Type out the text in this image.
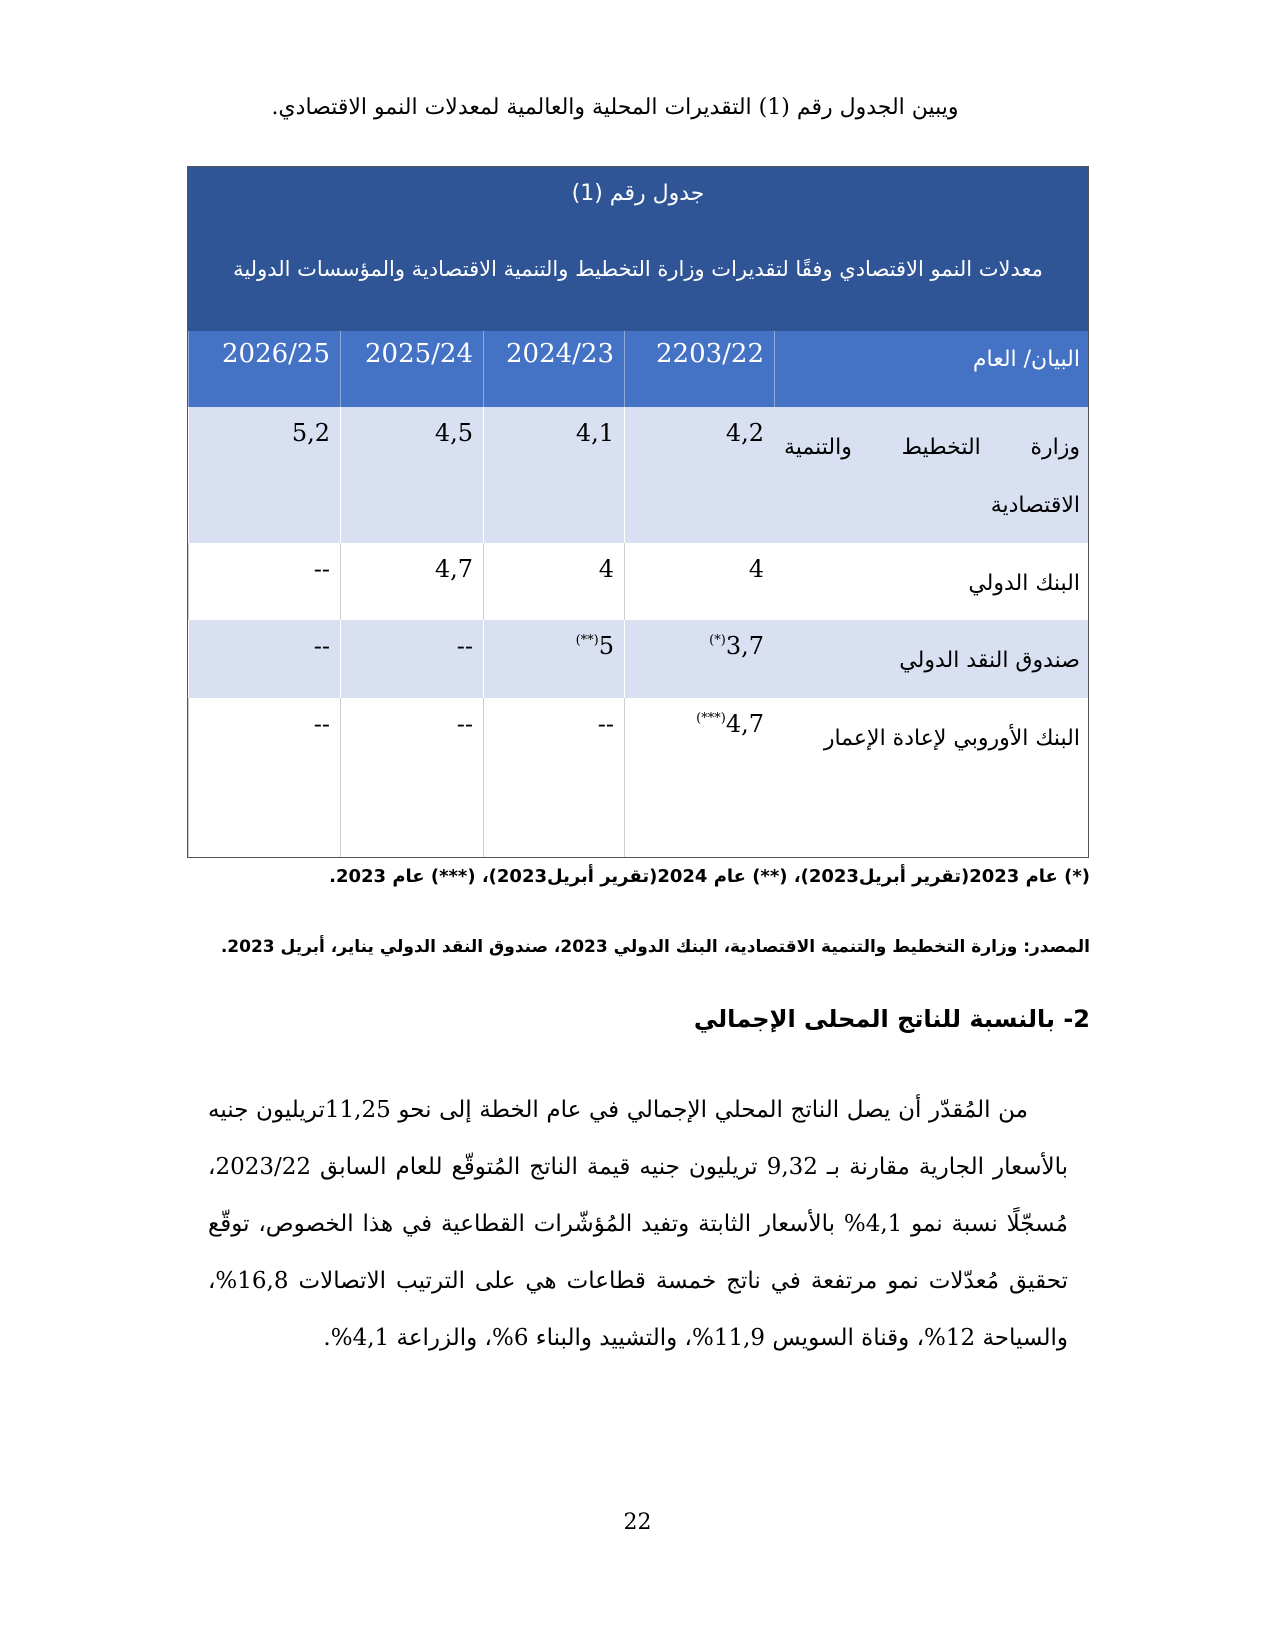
ويبين الجدول رقم (1) التقديرات المحلية والعالمية لمعدلات النمو الاقتصادي.
جدول رقم (1)
معدلات النمو الاقتصادي وفقًا لتقديرات وزارة التخطيط والتنمية الاقتصادية والمؤسسات الدولية
البيان/ العام
2203/22
2024/23
2025/24
2026/25
وزارة التخطيط والتنمية الاقتصادية
4,2
4,1
4,5
5,2
البنك الدولي
4
4
4,7
--
صندوق النقد الدولي
3,7(*)
5(**)
--
--
البنك الأوروبي لإعادة الإعمار
4,7(***)
--
--
--
(*) عام 2023(تقرير أبريل2023)، (**) عام 2024(تقرير أبريل2023)، (***) عام 2023.
المصدر: وزارة التخطيط والتنمية الاقتصادية، البنك الدولي 2023، صندوق النقد الدولي يناير، أبريل 2023.
2- بالنسبة للناتج المحلى الإجمالي
من المُقدّر أن يصل الناتج المحلي الإجمالي في عام الخطة إلى نحو 11,25تريليون جنيه بالأسعار الجارية مقارنة بـ 9,32 تريليون جنيه قيمة الناتج المُتوقّع للعام السابق 2023/22، مُسجّلًا نسبة نمو 4,1% بالأسعار الثابتة وتفيد المُؤشّرات القطاعية في هذا الخصوص، توقّع تحقيق مُعدّلات نمو مرتفعة في ناتج خمسة قطاعات هي على الترتيب الاتصالات 16,8%، والسياحة 12%، وقناة السويس 11,9%، والتشييد والبناء 6%، والزراعة 4,1%.
22
